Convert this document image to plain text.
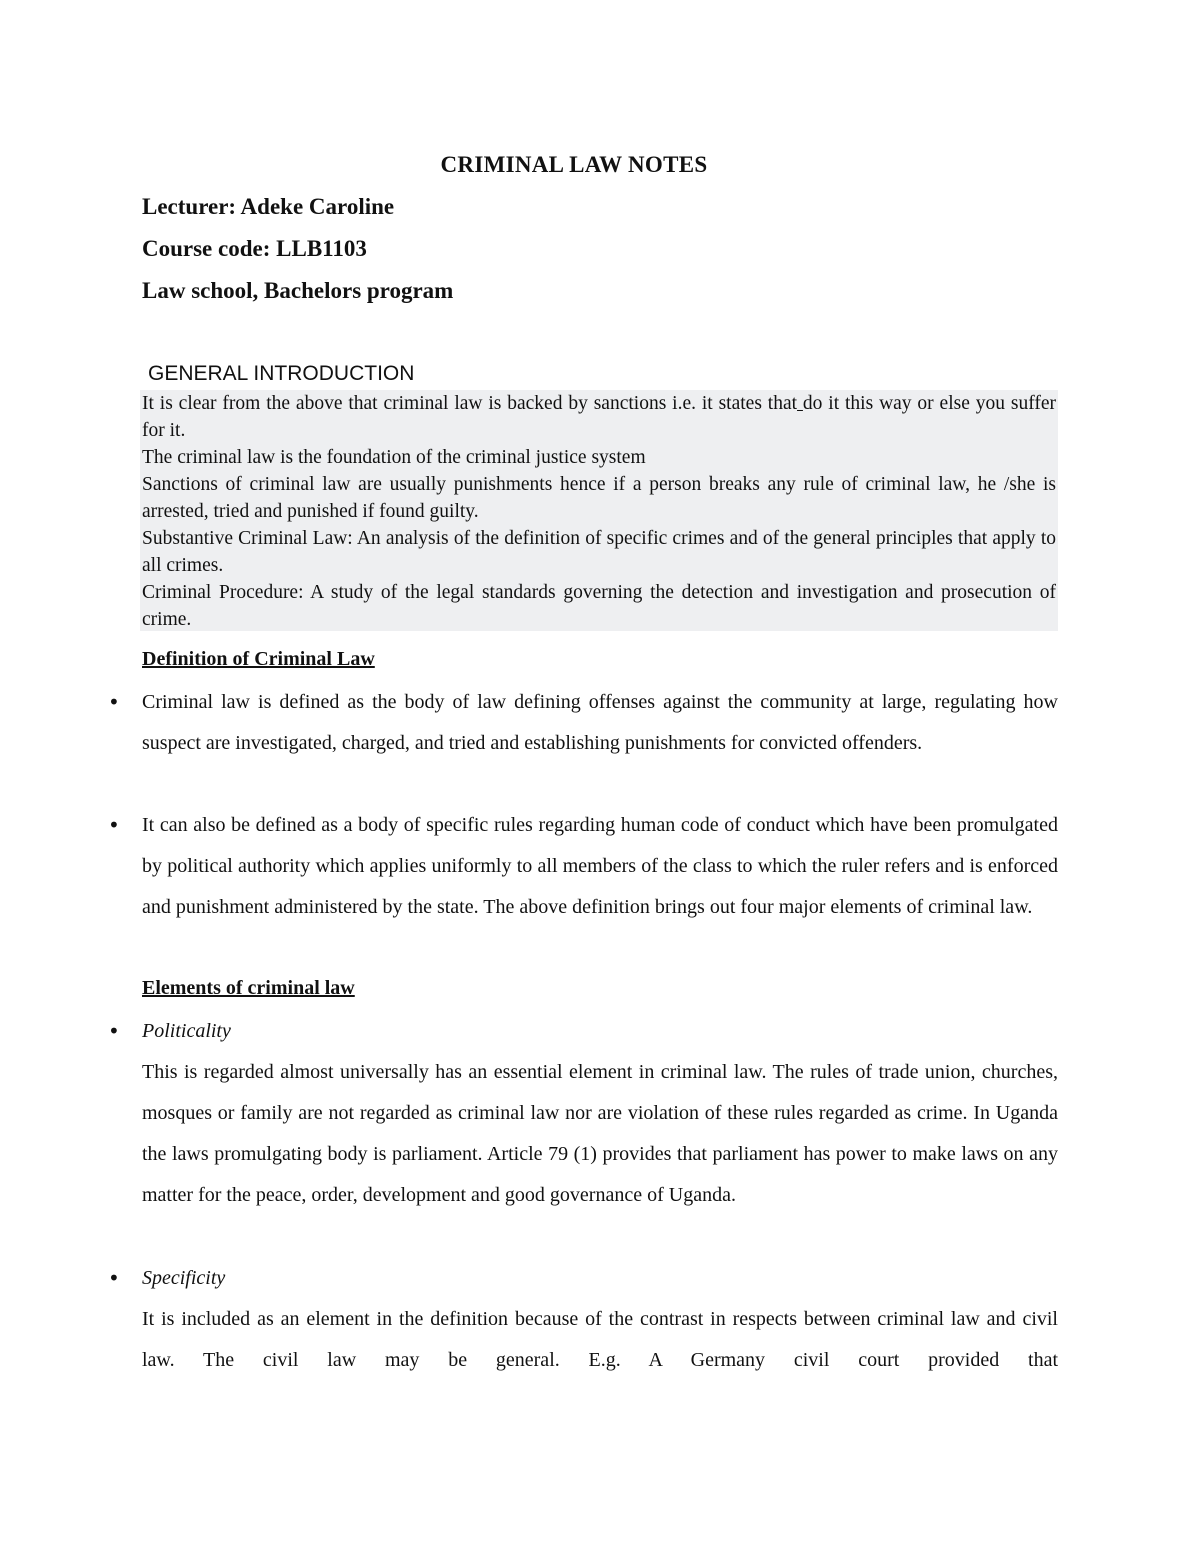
CRIMINAL LAW NOTES

Lecturer: Adeke Caroline

Course code: LLB1103

Law school, Bachelors program

GENERAL INTRODUCTION

It is clear from the above that criminal law is backed by sanctions i.e. it states that do it this way or else you suffer for it.

The criminal law is the foundation of the criminal justice system

Sanctions of criminal law are usually punishments hence if a person breaks any rule of criminal law, he /she is arrested, tried and punished if found guilty.

Substantive Criminal Law: An analysis of the definition of specific crimes and of the general principles that apply to all crimes.

Criminal Procedure: A study of the legal standards governing the detection and investigation and prosecution of crime.

Definition of Criminal Law
• Criminal law is defined as the body of law defining offenses against the community at large, regulating how suspect are investigated, charged, and tried and establishing punishments for convicted offenders.

• It can also be defined as a body of specific rules regarding human code of conduct which have been promulgated by political authority which applies uniformly to all members of the class to which the ruler refers and is enforced and punishment administered by the state. The above definition brings out four major elements of criminal law.

Elements of criminal law
• Politicality

This is regarded almost universally has an essential element in criminal law. The rules of trade union, churches, mosques or family are not regarded as criminal law nor are violation of these rules regarded as crime. In Uganda the laws promulgating body is parliament. Article 79 (1) provides that parliament has power to make laws on any matter for the peace, order, development and good governance of Uganda.

• Specificity

It is included as an element in the definition because of the contrast in respects between criminal law and civil law. The civil law may be general. E.g. A Germany civil court provided that
